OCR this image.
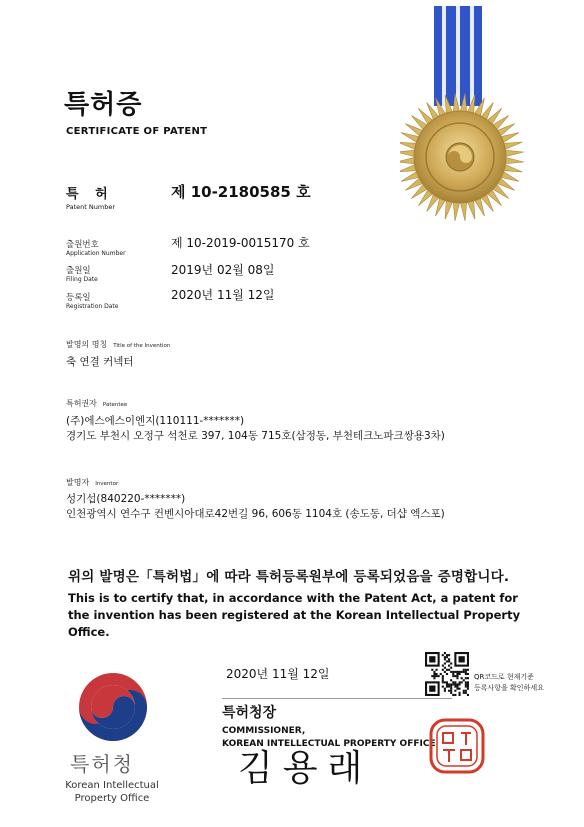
특허증
CERTIFICATE OF PATENT
특 허
Patent Number
제 10-2180585 호
출원번호
Application Number
제 10-2019-0015170 호
출원일
Filing Date
2019년 02월 08일
등록일
Registration Date
2020년 11월 12일
발명의 명칭 Title of the Invention
축 연결 커넥터
특허권자 Patentee
(주)에스에스이엔지(110111-*******)
경기도 부천시 오정구 석천로 397, 104동 715호(삼정동, 부천테크노파크쌍용3차)
발명자 Inventor
성기섭(840220-*******)
인천광역시 연수구 컨벤시아대로42번길 96, 606동 1104호 (송도동, 더샵 엑스포)
위의 발명은「특허법」에 따라 특허등록원부에 등록되었음을 증명합니다.
This is to certify that, in accordance with the Patent Act, a patent for the invention has been registered at the Korean Intellectual Property Office.
2020년 11월 12일	QR코드로 현재기준
등록사항을 확인하세요
특허청장
COMMISSIONER,
KOREAN INTELLECTUAL PROPERTY OFFICE
김용래
특허청
Korean Intellectual
Property Office
